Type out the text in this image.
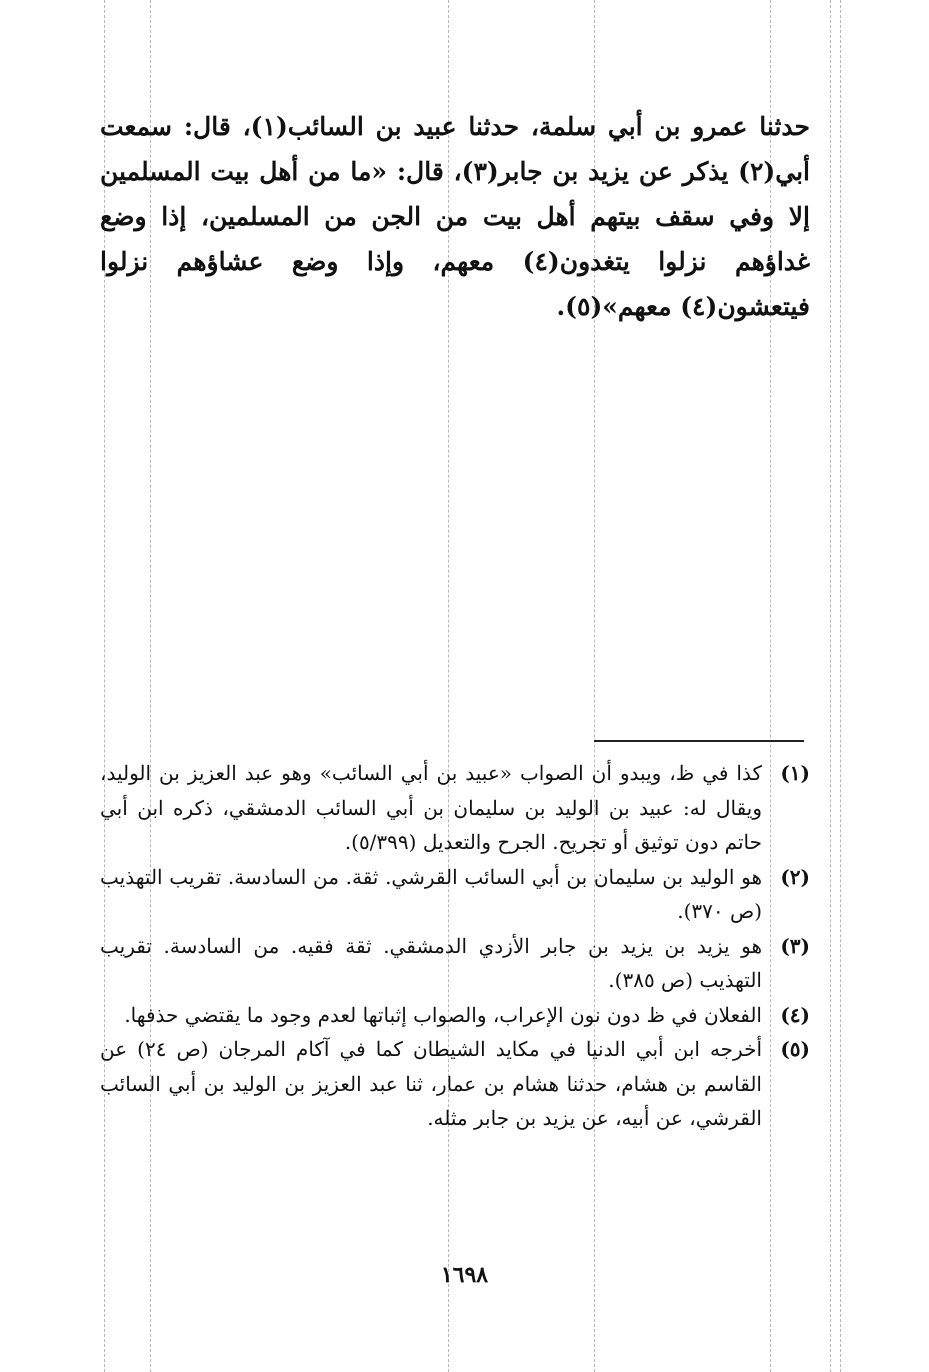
حدثنا عمرو بن أبي سلمة، حدثنا عبيد بن السائب(١)، قال: سمعت أبي(٢) يذكر عن يزيد بن جابر(٣)، قال: «ما من أهل بيت المسلمين إلا وفي سقف بيتهم أهل بيت من الجن من المسلمين، إذا وضع غداؤهم نزلوا يتغدون(٤) معهم، وإذا وضع عشاؤهم نزلوا فيتعشون(٤) معهم»(٥).

(١)
كذا في ظ، ويبدو أن الصواب «عبيد بن أبي السائب» وهو عبد العزيز بن الوليد، ويقال له: عبيد بن الوليد بن سليمان بن أبي السائب الدمشقي، ذكره ابن أبي حاتم دون توثيق أو تجريح. الجرح والتعديل (٥/٣٩٩).

(٢)
هو الوليد بن سليمان بن أبي السائب القرشي. ثقة. من السادسة. تقريب التهذيب (ص ٣٧٠).

(٣)
هو يزيد بن يزيد بن جابر الأزدي الدمشقي. ثقة فقيه. من السادسة. تقريب التهذيب (ص ٣٨٥).

(٤)
الفعلان في ظ دون نون الإعراب، والصواب إثباتها لعدم وجود ما يقتضي حذفها.

(٥)
أخرجه ابن أبي الدنيا في مكايد الشيطان كما في آكام المرجان (ص ٢٤) عن القاسم بن هشام، حدثنا هشام بن عمار، ثنا عبد العزيز بن الوليد بن أبي السائب القرشي، عن أبيه، عن يزيد بن جابر مثله.

١٦٩٨
